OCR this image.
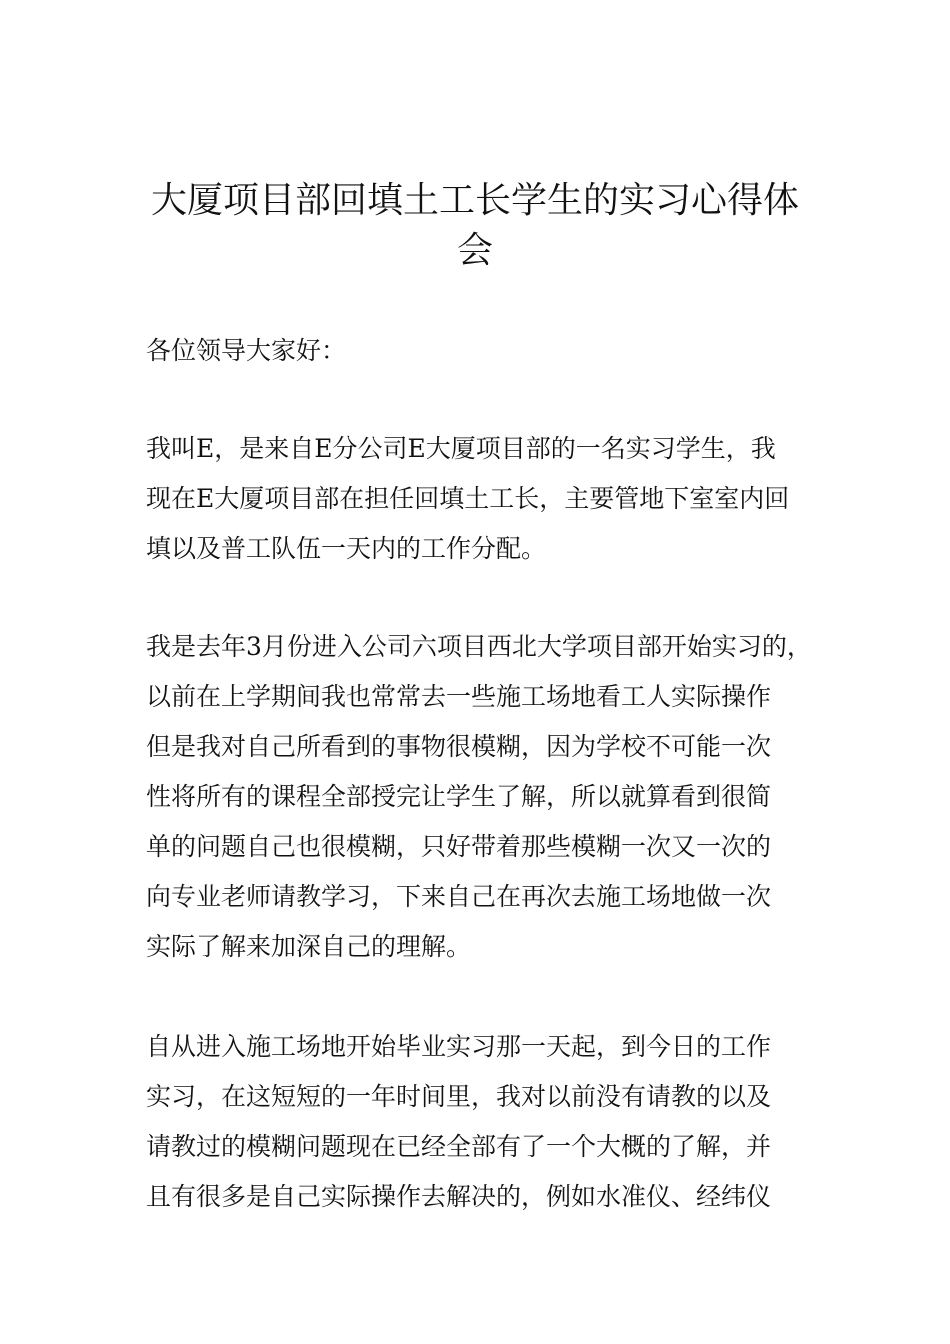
大厦项目部回填土工长学生的实习心得体
会

各位领导大家好：

我叫E，是来自E分公司E大厦项目部的一名实习学生，我
现在E大厦项目部在担任回填土工长，主要管地下室室内回
填以及普工队伍一天内的工作分配。

我是去年3月份进入公司六项目西北大学项目部开始实习的，
以前在上学期间我也常常去一些施工场地看工人实际操作
但是我对自己所看到的事物很模糊，因为学校不可能一次
性将所有的课程全部授完让学生了解，所以就算看到很简
单的问题自己也很模糊，只好带着那些模糊一次又一次的
向专业老师请教学习，下来自己在再次去施工场地做一次
实际了解来加深自己的理解。

自从进入施工场地开始毕业实习那一天起，到今日的工作
实习，在这短短的一年时间里，我对以前没有请教的以及
请教过的模糊问题现在已经全部有了一个大概的了解，并
且有很多是自己实际操作去解决的，例如水准仪、经纬仪
